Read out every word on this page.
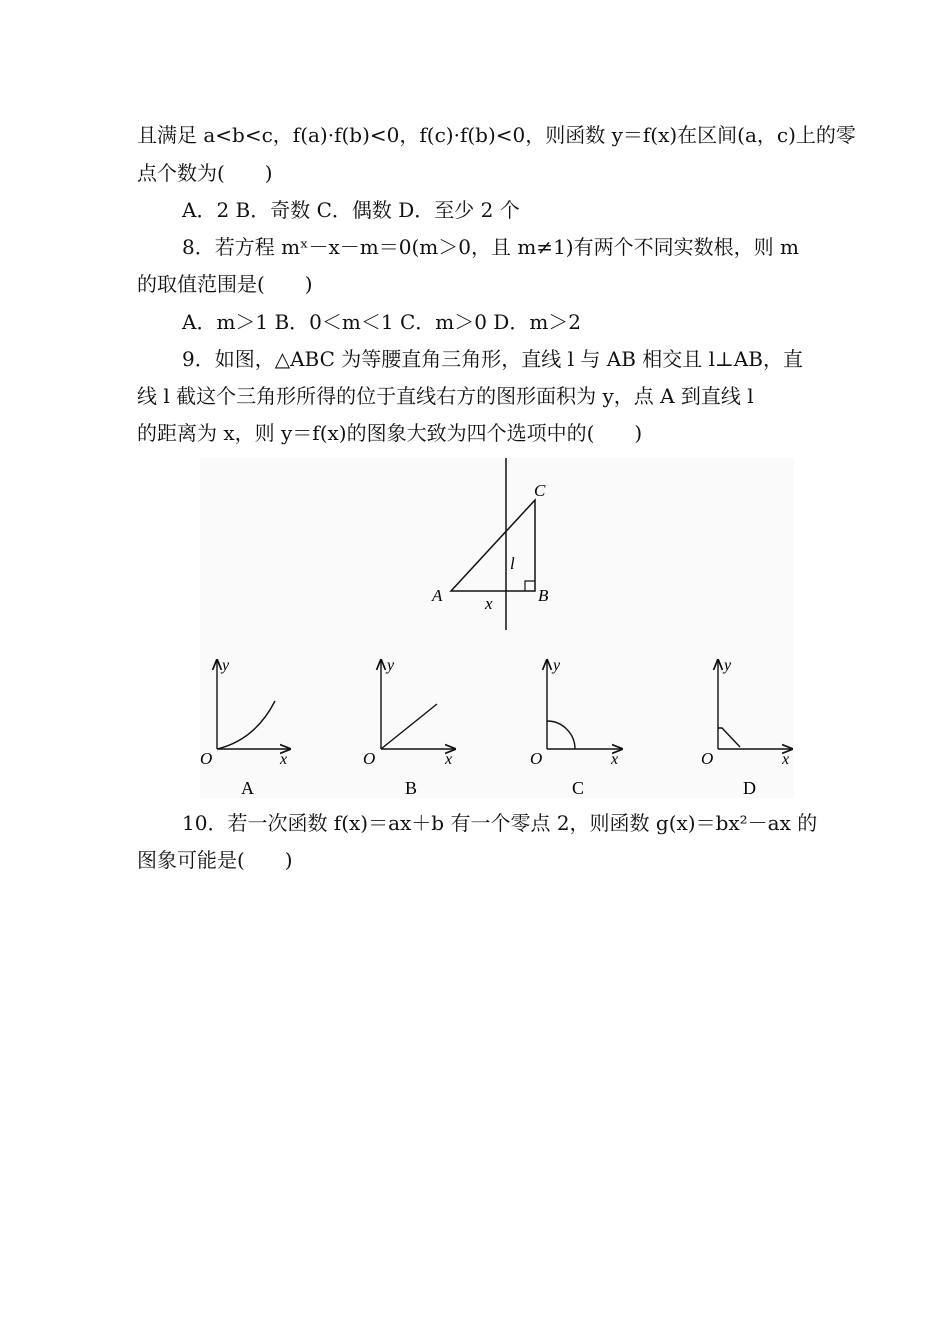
且满足 a<b<c，f(a)·f(b)<0，f(c)·f(b)<0，则函数 y＝f(x)在区间(a，c)上的零
点个数为(　　)
A．2 B．奇数 C．偶数 D．至少 2 个
8．若方程 mˣ－x－m＝0(m＞0，且 m≠1)有两个不同实数根，则 m
的取值范围是(　　)
A．m＞1 B．0＜m＜1 C．m＞0 D．m＞2
9．如图，△ABC 为等腰直角三角形，直线 l 与 AB 相交且 l⊥AB，直
线 l 截这个三角形所得的位于直线右方的图形面积为 y，点 A 到直线 l
的距离为 x，则 y＝f(x)的图象大致为四个选项中的(　　)
A	B
C
l
x
y
x
O
A
y
x
O
B
y
x
O
C
y
x
O
D
10．若一次函数 f(x)＝ax＋b 有一个零点 2，则函数 g(x)＝bx²－ax 的
图象可能是(　　)
